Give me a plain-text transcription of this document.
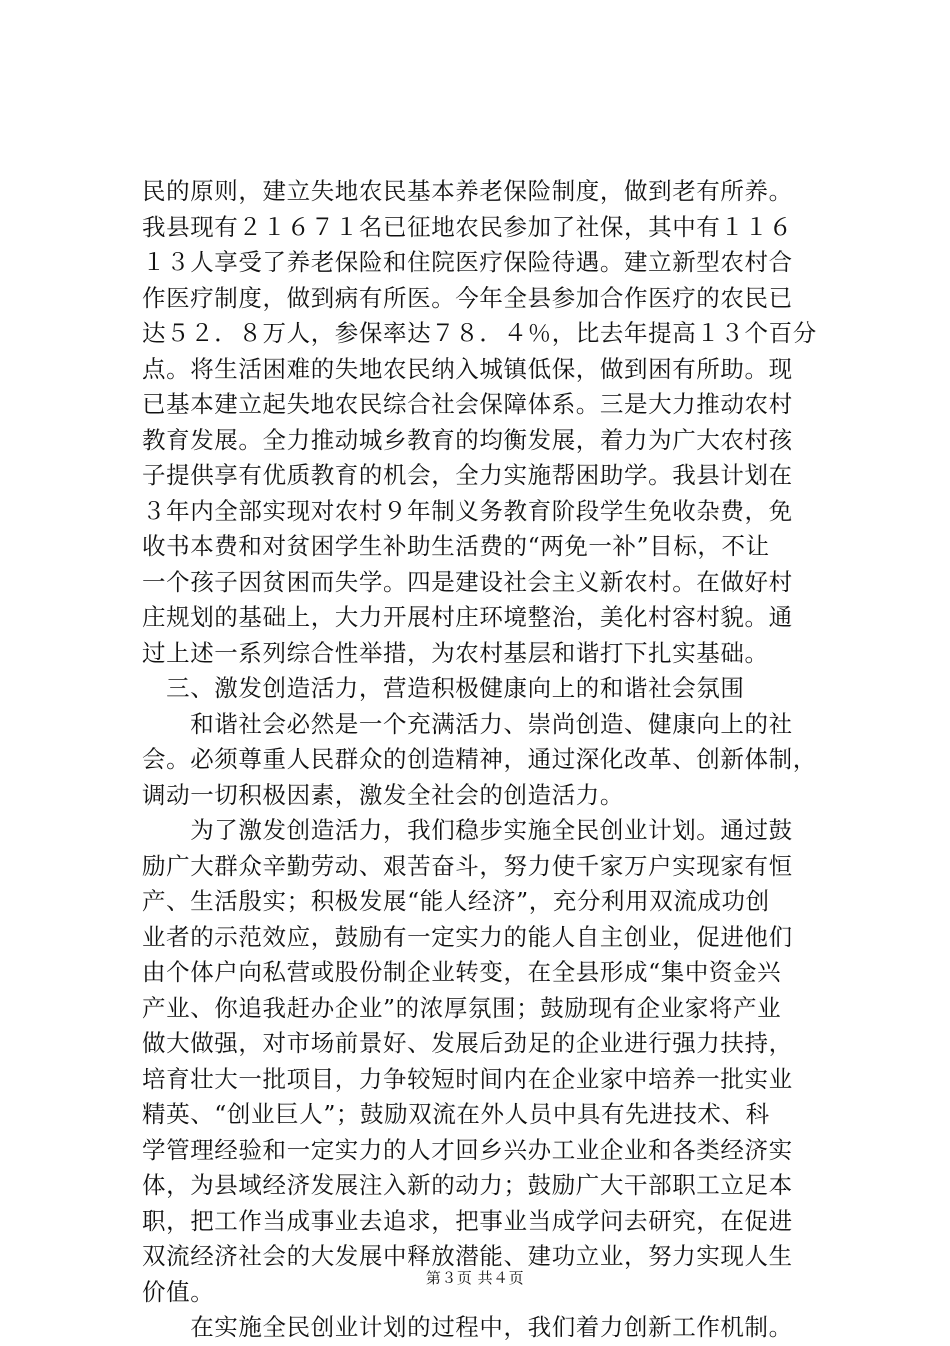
民的原则，建立失地农民基本养老保险制度，做到老有所养。
我县现有２１６７１名已征地农民参加了社保，其中有１１６
１３人享受了养老保险和住院医疗保险待遇。建立新型农村合
作医疗制度，做到病有所医。今年全县参加合作医疗的农民已
达５２．８万人，参保率达７８．４％，比去年提高１３个百分
点。将生活困难的失地农民纳入城镇低保，做到困有所助。现
已基本建立起失地农民综合社会保障体系。三是大力推动农村
教育发展。全力推动城乡教育的均衡发展，着力为广大农村孩
子提供享有优质教育的机会，全力实施帮困助学。我县计划在
３年内全部实现对农村９年制义务教育阶段学生免收杂费，免
收书本费和对贫困学生补助生活费的“两免一补”目标，不让
一个孩子因贫困而失学。四是建设社会主义新农村。在做好村
庄规划的基础上，大力开展村庄环境整治，美化村容村貌。通
过上述一系列综合性举措，为农村基层和谐打下扎实基础。
　三、激发创造活力，营造积极健康向上的和谐社会氛围
　　和谐社会必然是一个充满活力、崇尚创造、健康向上的社
会。必须尊重人民群众的创造精神，通过深化改革、创新体制，
调动一切积极因素，激发全社会的创造活力。
　　为了激发创造活力，我们稳步实施全民创业计划。通过鼓
励广大群众辛勤劳动、艰苦奋斗，努力使千家万户实现家有恒
产、生活殷实；积极发展“能人经济”，充分利用双流成功创
业者的示范效应，鼓励有一定实力的能人自主创业，促进他们
由个体户向私营或股份制企业转变，在全县形成“集中资金兴
产业、你追我赶办企业”的浓厚氛围；鼓励现有企业家将产业
做大做强，对市场前景好、发展后劲足的企业进行强力扶持，
培育壮大一批项目，力争较短时间内在企业家中培养一批实业
精英、“创业巨人”；鼓励双流在外人员中具有先进技术、科
学管理经验和一定实力的人才回乡兴办工业企业和各类经济实
体，为县域经济发展注入新的动力；鼓励广大干部职工立足本
职，把工作当成事业去追求，把事业当成学问去研究，在促进
双流经济社会的大发展中释放潜能、建功立业，努力实现人生
价值。
　　在实施全民创业计划的过程中，我们着力创新工作机制。
第３页 共４页
